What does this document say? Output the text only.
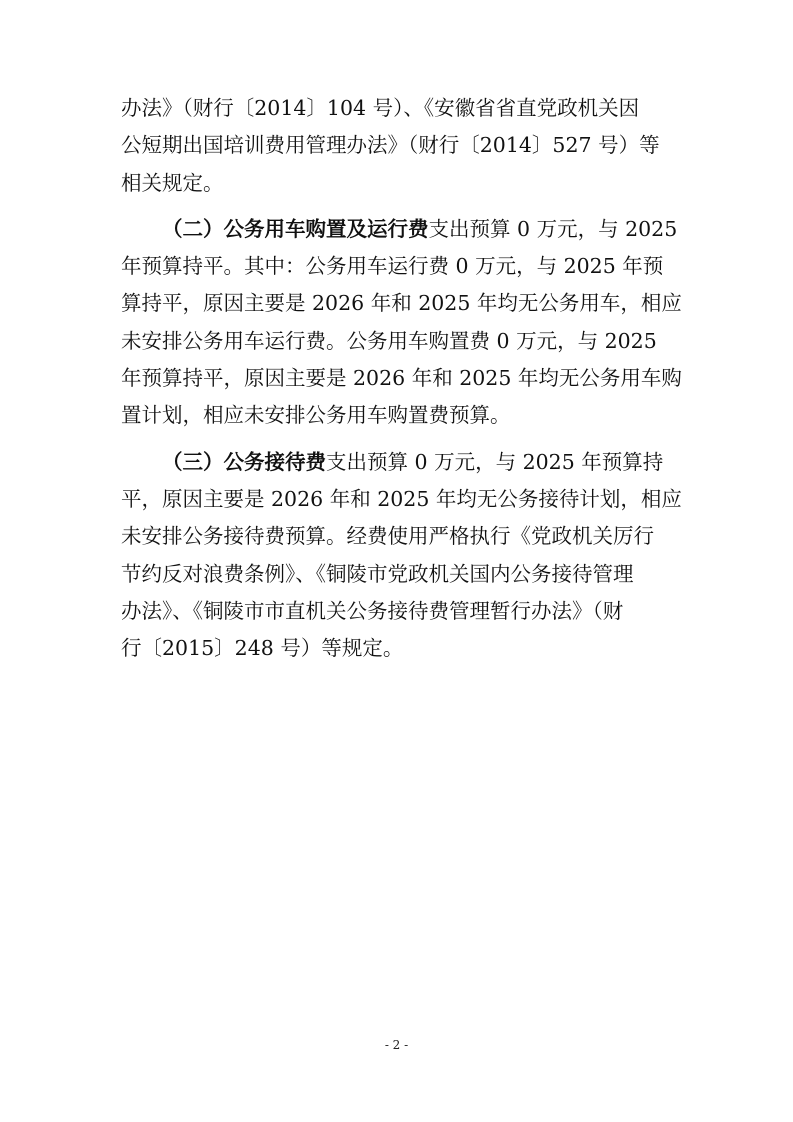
办法》（财行〔2014〕104 号）、《安徽省省直党政机关因
公短期出国培训费用管理办法》（财行〔2014〕527 号）等
相关规定。
（二）公务用车购置及运行费支出预算 0 万元，与 2025
年预算持平。其中：公务用车运行费 0 万元，与 2025 年预
算持平，原因主要是 2026 年和 2025 年均无公务用车，相应
未安排公务用车运行费。公务用车购置费 0 万元，与 2025
年预算持平，原因主要是 2026 年和 2025 年均无公务用车购
置计划，相应未安排公务用车购置费预算。
（三）公务接待费支出预算 0 万元，与 2025 年预算持
平，原因主要是 2026 年和 2025 年均无公务接待计划，相应
未安排公务接待费预算。经费使用严格执行《党政机关厉行
节约反对浪费条例》、《铜陵市党政机关国内公务接待管理
办法》、《铜陵市市直机关公务接待费管理暂行办法》（财
行〔2015〕248 号）等规定。
- 2 -
